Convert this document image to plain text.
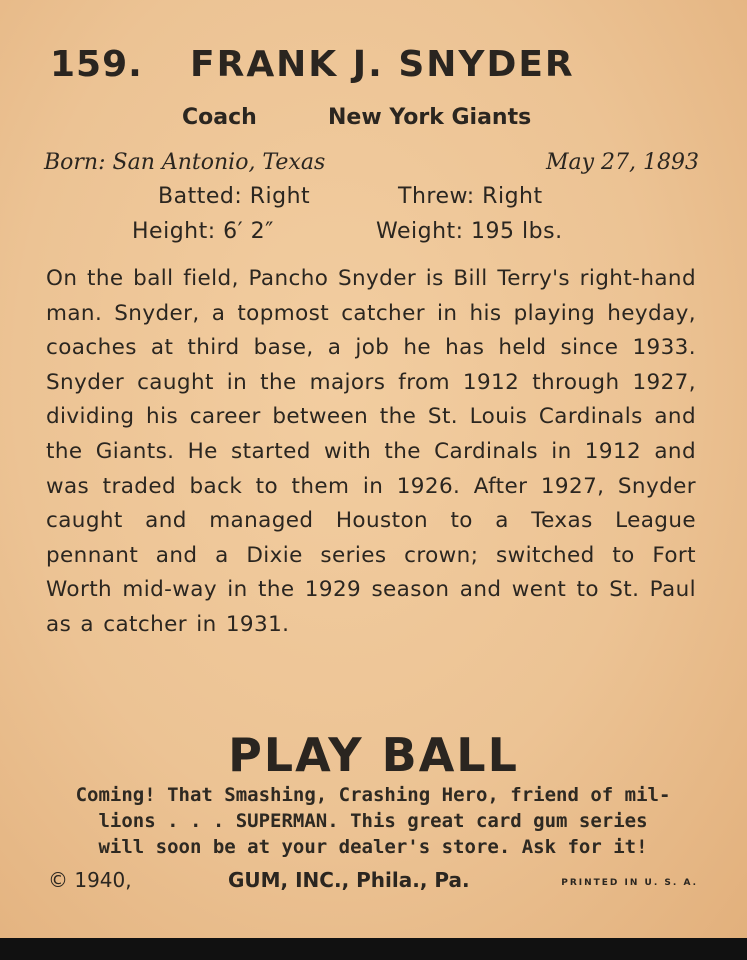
159. FRANK J. SNYDER
Coach	New York Giants
Born: San Antonio, Texas	May 27, 1893
Batted: Right	Threw: Right
Height: 6′ 2″	Weight: 195 lbs.
On the ball field, Pancho Snyder is Bill Terry's right-hand man. Snyder, a topmost catcher in his playing heyday, coaches at third base, a job he has held since 1933. Snyder caught in the majors from 1912 through 1927, dividing his career between the St. Louis Cardinals and the Giants. He started with the Cardinals in 1912 and was traded back to them in 1926. After 1927, Snyder caught and managed Houston to a Texas League pennant and a Dixie series crown; switched to Fort Worth mid-way in the 1929 season and went to St. Paul as a catcher in 1931.
PLAY BALL
Coming! That Smashing, Crashing Hero, friend of mil-
lions . . . SUPERMAN. This great card gum series
will soon be at your dealer's store. Ask for it!
© 1940,	GUM, INC., Phila., Pa.	PRINTED IN U. S. A.
